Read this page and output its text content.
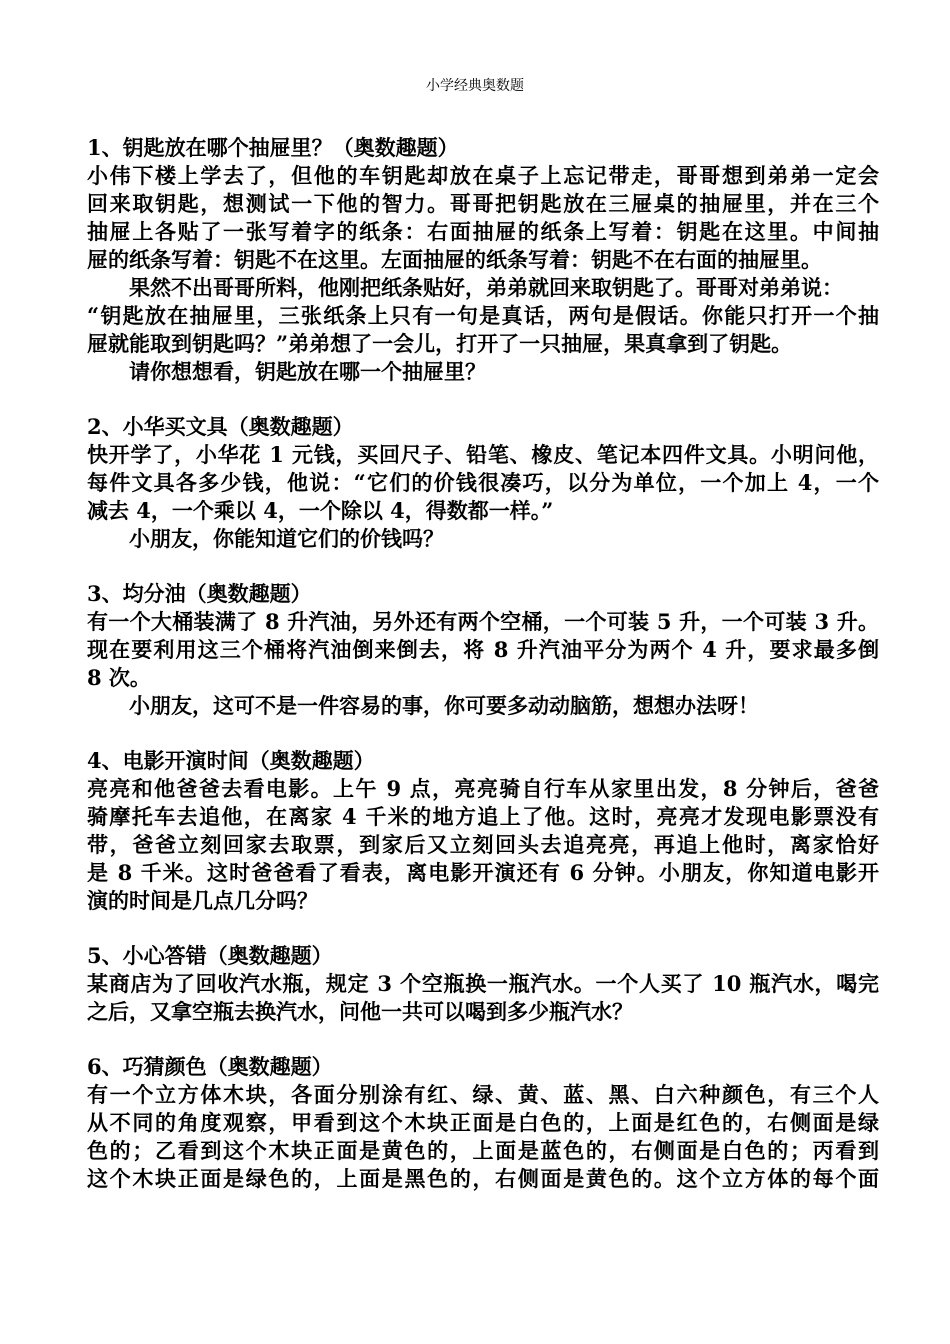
小学经典奥数题

1、钥匙放在哪个抽屉里？（奥数趣题）

小伟下楼上学去了，但他的车钥匙却放在桌子上忘记带走，哥哥想到弟弟一定会

回来取钥匙，想测试一下他的智力。哥哥把钥匙放在三屉桌的抽屉里，并在三个

抽屉上各贴了一张写着字的纸条：右面抽屉的纸条上写着：钥匙在这里。中间抽

屉的纸条写着：钥匙不在这里。左面抽屉的纸条写着：钥匙不在右面的抽屉里。

果然不出哥哥所料，他刚把纸条贴好，弟弟就回来取钥匙了。哥哥对弟弟说：

“钥匙放在抽屉里，三张纸条上只有一句是真话，两句是假话。你能只打开一个抽

屉就能取到钥匙吗？”弟弟想了一会儿，打开了一只抽屉，果真拿到了钥匙。

请你想想看，钥匙放在哪一个抽屉里？

2、小华买文具（奥数趣题）

快开学了，小华花 1 元钱，买回尺子、铅笔、橡皮、笔记本四件文具。小明问他，

每件文具各多少钱，他说：“它们的价钱很凑巧，以分为单位，一个加上 4，一个

减去 4，一个乘以 4，一个除以 4，得数都一样。”

小朋友，你能知道它们的价钱吗？

3、均分油（奥数趣题）

有一个大桶装满了 8 升汽油，另外还有两个空桶，一个可装 5 升，一个可装 3 升。

现在要利用这三个桶将汽油倒来倒去，将 8 升汽油平分为两个 4 升，要求最多倒

8 次。

小朋友，这可不是一件容易的事，你可要多动动脑筋，想想办法呀！

4、电影开演时间（奥数趣题）

亮亮和他爸爸去看电影。上午 9 点，亮亮骑自行车从家里出发，8 分钟后，爸爸

骑摩托车去追他，在离家 4 千米的地方追上了他。这时，亮亮才发现电影票没有

带，爸爸立刻回家去取票，到家后又立刻回头去追亮亮，再追上他时，离家恰好

是 8 千米。这时爸爸看了看表，离电影开演还有 6 分钟。小朋友，你知道电影开

演的时间是几点几分吗？

5、小心答错（奥数趣题）

某商店为了回收汽水瓶，规定 3 个空瓶换一瓶汽水。一个人买了 10 瓶汽水，喝完

之后，又拿空瓶去换汽水，问他一共可以喝到多少瓶汽水？

6、巧猜颜色（奥数趣题）

有一个立方体木块，各面分别涂有红、绿、黄、蓝、黑、白六种颜色，有三个人

从不同的角度观察，甲看到这个木块正面是白色的，上面是红色的，右侧面是绿

色的；乙看到这个木块正面是黄色的，上面是蓝色的，右侧面是白色的；丙看到

这个木块正面是绿色的，上面是黑色的，右侧面是黄色的。这个立方体的每个面
